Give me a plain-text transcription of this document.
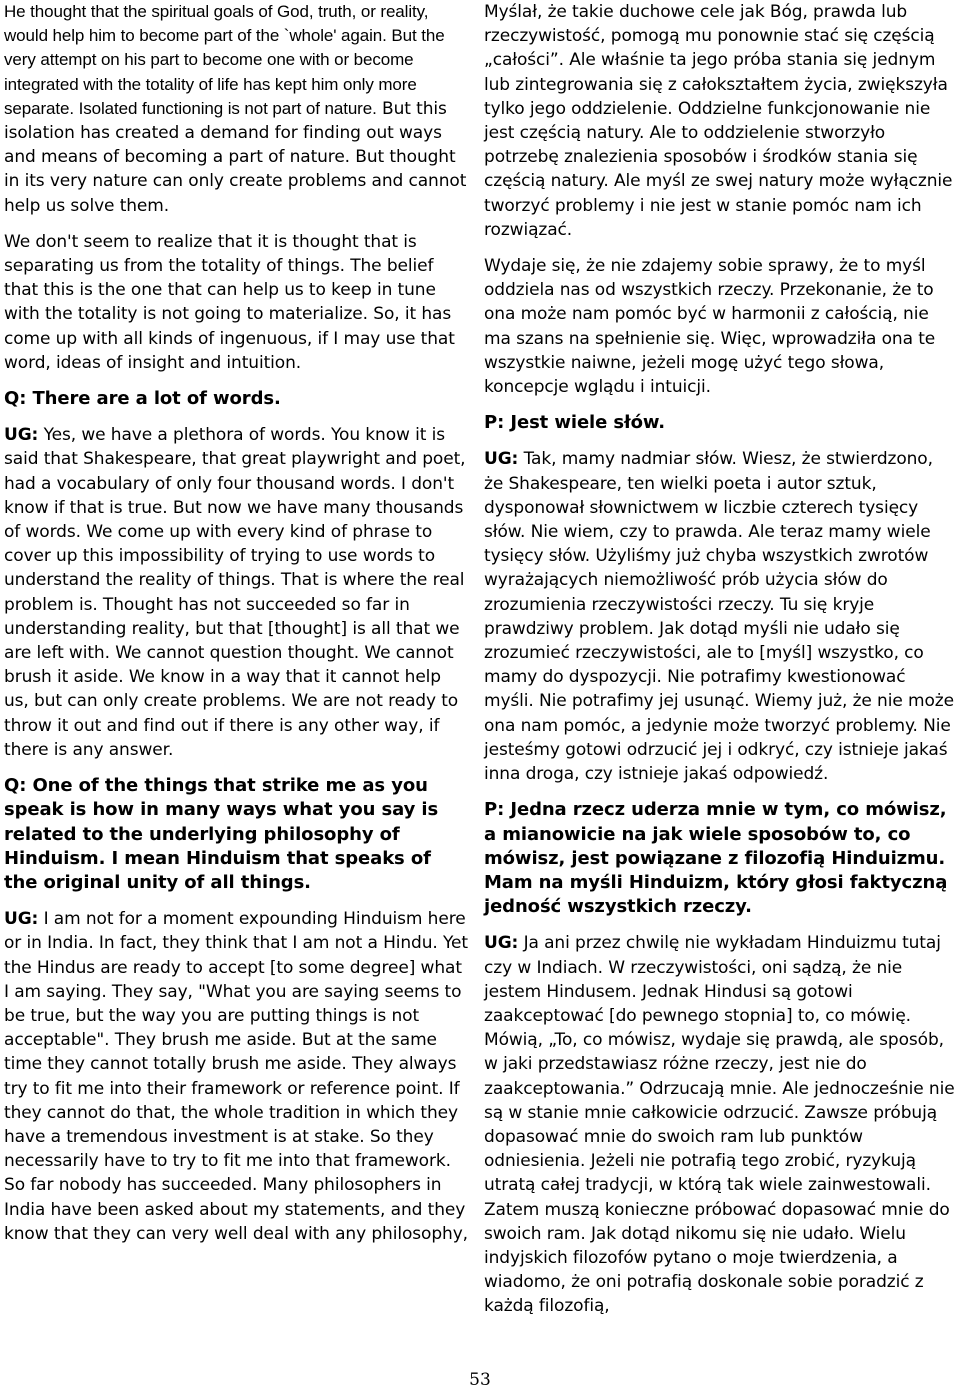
He thought that the spiritual goals of God, truth, or reality, would help him to become part of the `whole' again. But the very attempt on his part to become one with or become integrated with the totality of life has kept him only more separate. Isolated functioning is not part of nature. But this isolation has created a demand for finding out ways and means of becoming a part of nature. But thought in its very nature can only create problems and cannot help us solve them.

We don't seem to realize that it is thought that is separating us from the totality of things. The belief that this is the one that can help us to keep in tune with the totality is not going to materialize. So, it has come up with all kinds of ingenuous, if I may use that word, ideas of insight and intuition.

Q: There are a lot of words.

UG: Yes, we have a plethora of words. You know it is said that Shakespeare, that great playwright and poet, had a vocabulary of only four thousand words. I don't know if that is true. But now we have many thousands of words. We come up with every kind of phrase to cover up this impossibility of trying to use words to understand the reality of things. That is where the real problem is. Thought has not succeeded so far in understanding reality, but that [thought] is all that we are left with. We cannot question thought. We cannot brush it aside. We know in a way that it cannot help us, but can only create problems. We are not ready to throw it out and find out if there is any other way, if there is any answer.

Q: One of the things that strike me as you speak is how in many ways what you say is related to the underlying philosophy of Hinduism. I mean Hinduism that speaks of the original unity of all things.

UG: I am not for a moment expounding Hinduism here or in India. In fact, they think that I am not a Hindu. Yet the Hindus are ready to accept [to some degree] what I am saying. They say, "What you are saying seems to be true, but the way you are putting things is not acceptable". They brush me aside. But at the same time they cannot totally brush me aside. They always try to fit me into their framework or reference point. If they cannot do that, the whole tradition in which they have a tremendous investment is at stake. So they necessarily have to try to fit me into that framework. So far nobody has succeeded. Many philosophers in India have been asked about my statements, and they know that they can very well deal with any philosophy,

Myślał, że takie duchowe cele jak Bóg, prawda lub rzeczywistość, pomogą mu ponownie stać się częścią „całości”. Ale właśnie ta jego próba stania się jednym lub zintegrowania się z całokształtem życia, zwiększyła tylko jego oddzielenie. Oddzielne funkcjonowanie nie jest częścią natury. Ale to oddzielenie stworzyło potrzebę znalezienia sposobów i środków stania się częścią natury. Ale myśl ze swej natury może wyłącznie tworzyć problemy i nie jest w stanie pomóc nam ich rozwiązać.

Wydaje się, że nie zdajemy sobie sprawy, że to myśl oddziela nas od wszystkich rzeczy. Przekonanie, że to ona może nam pomóc być w harmonii z całością, nie ma szans na spełnienie się. Więc, wprowadziła ona te wszystkie naiwne, jeżeli mogę użyć tego słowa, koncepcje wglądu i intuicji.

P: Jest wiele słów.

UG: Tak, mamy nadmiar słów. Wiesz, że stwierdzono, że Shakespeare, ten wielki poeta i autor sztuk, dysponował słownictwem w liczbie czterech tysięcy słów. Nie wiem, czy to prawda. Ale teraz mamy wiele tysięcy słów. Użyliśmy już chyba wszystkich zwrotów wyrażających niemożliwość prób użycia słów do zrozumienia rzeczywistości rzeczy. Tu się kryje prawdziwy problem. Jak dotąd myśli nie udało się zrozumieć rzeczywistości, ale to [myśl] wszystko, co mamy do dyspozycji. Nie potrafimy kwestionować myśli. Nie potrafimy jej usunąć. Wiemy już, że nie może ona nam pomóc, a jedynie może tworzyć problemy. Nie jesteśmy gotowi odrzucić jej i odkryć, czy istnieje jakaś inna droga, czy istnieje jakaś odpowiedź.

P: Jedna rzecz uderza mnie w tym, co mówisz, a mianowicie na jak wiele sposobów to, co mówisz, jest powiązane z filozofią Hinduizmu. Mam na myśli Hinduizm, który głosi faktyczną jedność wszystkich rzeczy.

UG: Ja ani przez chwilę nie wykładam Hinduizmu tutaj czy w Indiach. W rzeczywistości, oni sądzą, że nie jestem Hindusem. Jednak Hindusi są gotowi zaakceptować [do pewnego stopnia] to, co mówię. Mówią, „To, co mówisz, wydaje się prawdą, ale sposób, w jaki przedstawiasz różne rzeczy, jest nie do zaakceptowania.” Odrzucają mnie. Ale jednocześnie nie są w stanie mnie całkowicie odrzucić. Zawsze próbują dopasować mnie do swoich ram lub punktów odniesienia. Jeżeli nie potrafią tego zrobić, ryzykują utratą całej tradycji, w którą tak wiele zainwestowali. Zatem muszą konieczne próbować dopasować mnie do swoich ram. Jak dotąd nikomu się nie udało. Wielu indyjskich filozofów pytano o moje twierdzenia, a wiadomo, że oni potrafią doskonale sobie poradzić z każdą filozofią,

53
